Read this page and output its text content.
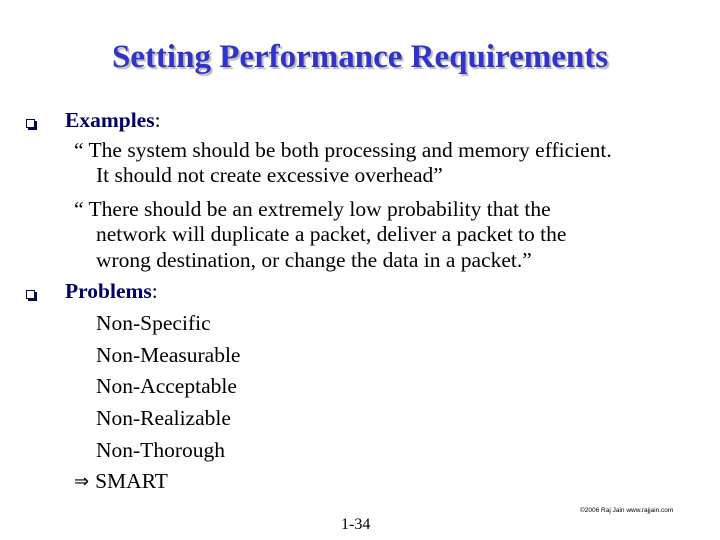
Setting Performance Requirements
Examples:
“ The system should be both processing and memory efficient.
It should not create excessive overhead”
“ There should be an extremely low probability that the
network will duplicate a packet, deliver a packet to the
wrong destination, or change the data in a packet.”
Problems:
Non-Specific
Non-Measurable
Non-Acceptable
Non-Realizable
Non-Thorough
⇒ SMART
©2006 Raj Jain www.rajjain.com
1-34
